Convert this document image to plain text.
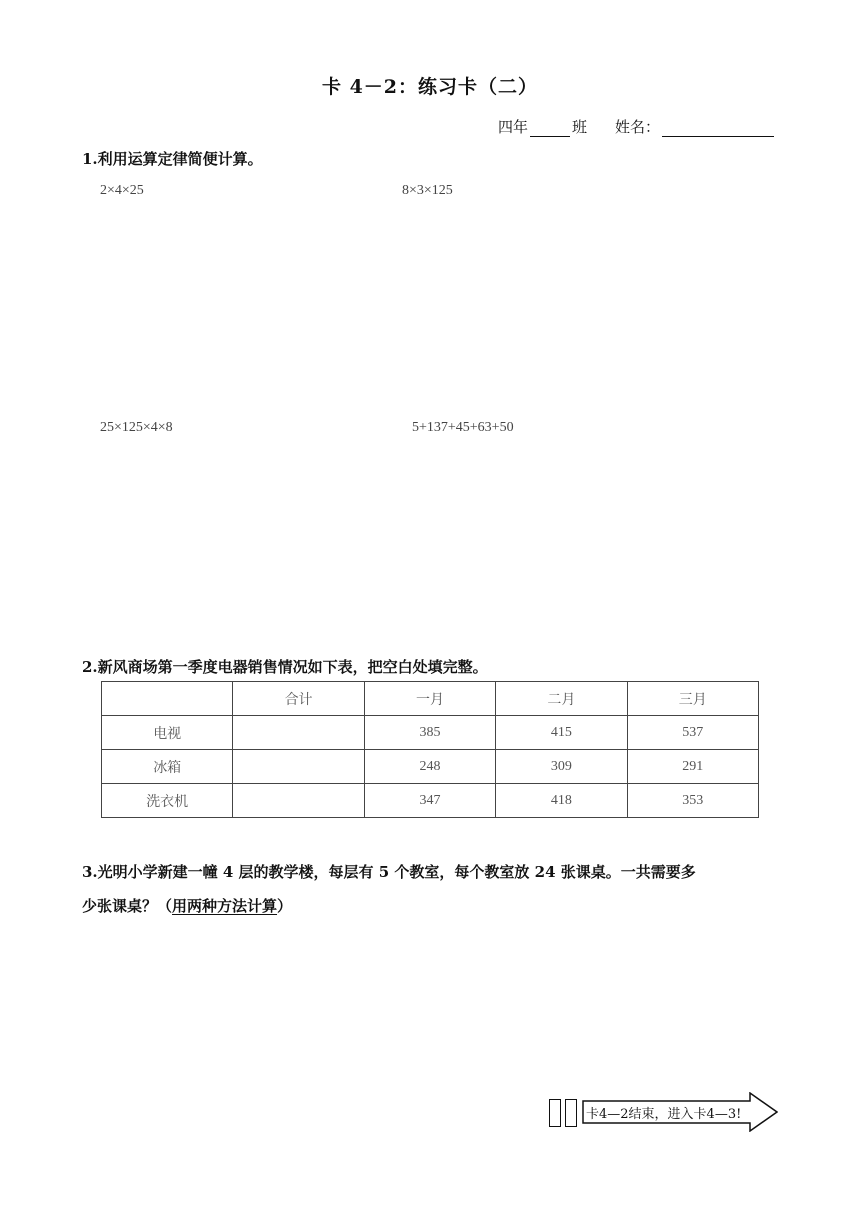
卡 4－2：练习卡（二）
四年	班 姓名：
1.利用运算定律简便计算。
2×4×25	8×3×125
25×125×4×8	5+137+45+63+50
2.新风商场第一季度电器销售情况如下表，把空白处填完整。
	合计	一月	二月	三月
电视		385	415	537
冰箱		248	309	291
洗衣机		347	418	353
3.光明小学新建一幢 4 层的教学楼，每层有 5 个教室，每个教室放 24 张课桌。一共需要多
少张课桌？（用两种方法计算）
卡4—2结束，进入卡4—3!
